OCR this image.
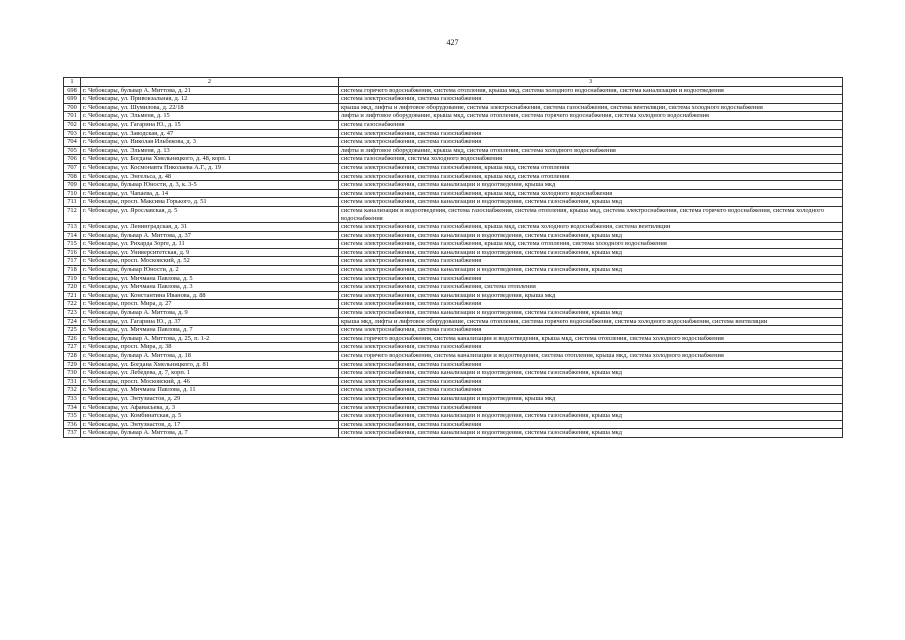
427
1	2	3
698	г. Чебоксары, бульвар А. Миттова, д. 21	система горячего водоснабжения, система отопления, крыша мкд, система холодного водоснабжения, система канализации и водоотведения
699	г. Чебоксары, ул. Привокзальная, д. 12	система электроснабжения, система газоснабжения
700	г. Чебоксары, ул. Шумилова, д. 22/18	крыша мкд, лифты и лифтовое оборудование, система электроснабжения, система газоснабжения, система вентиляции, система холодного водоснабжения
701	г. Чебоксары, ул. Эльменя, д. 15	лифты и лифтовое оборудование, крыша мкд, система отопления, система горячего водоснабжения, система холодного водоснабжения
702	г. Чебоксары, ул. Гагарина Ю., д. 15	система газоснабжения
703	г. Чебоксары, ул. Заводская, д. 47	система электроснабжения, система газоснабжения
704	г. Чебоксары, ул. Николая Ильбекова, д. 3	система электроснабжения, система газоснабжения
705	г. Чебоксары, ул. Эльменя, д. 13	лифты и лифтовое оборудование, крыша мкд, система отопления, система холодного водоснабжения
706	г. Чебоксары, ул. Богдана Хмельницкого, д. 48, корп. 1	система газоснабжения, система холодного водоснабжения
707	г. Чебоксары, ул. Космонавта Николаева А.Г., д. 19	система электроснабжения, система газоснабжения, крыша мкд, система отопления
708	г. Чебоксары, ул. Энгельса, д. 48	система электроснабжения, система газоснабжения, крыша мкд, система отопления
709	г. Чебоксары, бульвар Юности, д. 3, к. 3-5	система электроснабжения, система канализации и водоотведения, крыша мкд
710	г. Чебоксары, ул. Чапаева, д. 14	система электроснабжения, система газоснабжения, крыша мкд, система холодного водоснабжения
711	г. Чебоксары, просп. Максима Горького, д. 51	система электроснабжения, система канализации и водоотведения, система газоснабжения, крыша мкд
712	г. Чебоксары, ул. Ярославская, д. 5	система канализации и водоотведения, система газоснабжения, система отопления, крыша мкд, система электроснабжения, система горячего водоснабжения, система холодного водоснабжения
713	г. Чебоксары, ул. Ленинградская, д. 31	система электроснабжения, система газоснабжения, крыша мкд, система холодного водоснабжения, система вентиляции
714	г. Чебоксары, бульвар А. Миттова, д. 37	система электроснабжения, система канализации и водоотведения, система газоснабжения, крыша мкд
715	г. Чебоксары, ул. Рихарда Зорге, д. 11	система электроснабжения, система газоснабжения, крыша мкд, система отопления, система холодного водоснабжения
716	г. Чебоксары, ул. Университетская, д. 9	система электроснабжения, система канализации и водоотведения, система газоснабжения, крыша мкд
717	г. Чебоксары, просп. Московский, д. 52	система электроснабжения, система газоснабжения
718	г. Чебоксары, бульвар Юности, д. 2	система электроснабжения, система канализации и водоотведения, система газоснабжения, крыша мкд
719	г. Чебоксары, ул. Мичмана Павлова, д. 5	система электроснабжения, система газоснабжения
720	г. Чебоксары, ул. Мичмана Павлова, д. 3	система электроснабжения, система газоснабжения, система отопления
721	г. Чебоксары, ул. Константина Иванова, д. 88	система электроснабжения, система канализации и водоотведения, крыша мкд
722	г. Чебоксары, просп. Мира, д. 27	система электроснабжения, система газоснабжения
723	г. Чебоксары, бульвар А. Миттова, д. 9	система электроснабжения, система канализации и водоотведения, система газоснабжения, крыша мкд
724	г. Чебоксары, ул. Гагарина Ю., д. 37	крыша мкд, лифты и лифтовое оборудование, система отопления, система горячего водоснабжения, система холодного водоснабжения, система вентиляции
725	г. Чебоксары, ул. Мичмана Павлова, д. 7	система электроснабжения, система газоснабжения
726	г. Чебоксары, бульвар А. Миттова, д. 25, п. 1-2	система горячего водоснабжения, система канализации и водоотведения, крыша мкд, система отопления, система холодного водоснабжения
727	г. Чебоксары, просп. Мира, д. 38	система электроснабжения, система газоснабжения
728	г. Чебоксары, бульвар А. Миттова, д. 18	система горячего водоснабжения, система канализации и водоотведения, система отопления, крыша мкд, система холодного водоснабжения
729	г. Чебоксары, ул. Богдана Хмельницкого, д. 81	система электроснабжения, система газоснабжения
730	г. Чебоксары, ул. Лебедева, д. 7, корп. 1	система электроснабжения, система канализации и водоотведения, система газоснабжения, крыша мкд
731	г. Чебоксары, просп. Московский, д. 46	система электроснабжения, система газоснабжения
732	г. Чебоксары, ул. Мичмана Павлова, д. 11	система электроснабжения, система газоснабжения
733	г. Чебоксары, ул. Энтузиастов, д. 29	система электроснабжения, система канализации и водоотведения, крыша мкд
734	г. Чебоксары, ул. Афанасьева, д. 3	система электроснабжения, система газоснабжения
735	г. Чебоксары, ул. Комбинатская, д. 5	система электроснабжения, система канализации и водоотведения, система газоснабжения, крыша мкд
736	г. Чебоксары, ул. Энтузиастов, д. 17	система электроснабжения, система газоснабжения
737	г. Чебоксары, бульвар А. Миттова, д. 7	система электроснабжения, система канализации и водоотведения, система газоснабжения, крыша мкд
